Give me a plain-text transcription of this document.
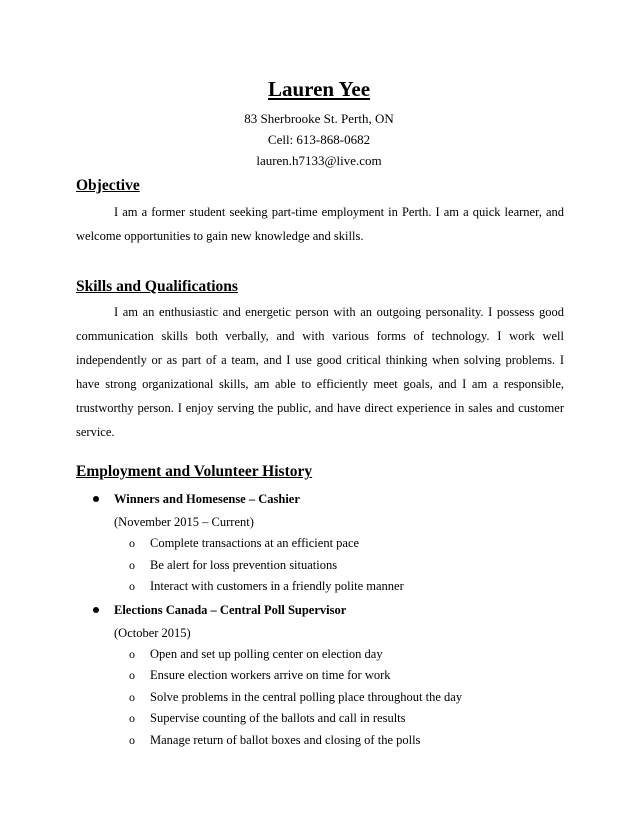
Lauren Yee
83 Sherbrooke St. Perth, ON
Cell: 613-868-0682
lauren.h7133@live.com
Objective

I am a former student seeking part-time employment in Perth. I am a quick learner, and welcome opportunities to gain new knowledge and skills.

Skills and Qualifications

I am an enthusiastic and energetic person with an outgoing personality. I possess good communication skills both verbally, and with various forms of technology. I work well independently or as part of a team, and I use good critical thinking when solving problems. I have strong organizational skills, am able to efficiently meet goals, and I am a responsible, trustworthy person. I enjoy serving the public, and have direct experience in sales and customer service.

Employment and Volunteer History
Winners and Homesense – Cashier
(November 2015 – Current)
o Complete transactions at an efficient pace
o Be alert for loss prevention situations
o Interact with customers in a friendly polite manner
Elections Canada – Central Poll Supervisor
(October 2015)
o Open and set up polling center on election day
o Ensure election workers arrive on time for work
o Solve problems in the central polling place throughout the day
o Supervise counting of the ballots and call in results
o Manage return of ballot boxes and closing of the polls
